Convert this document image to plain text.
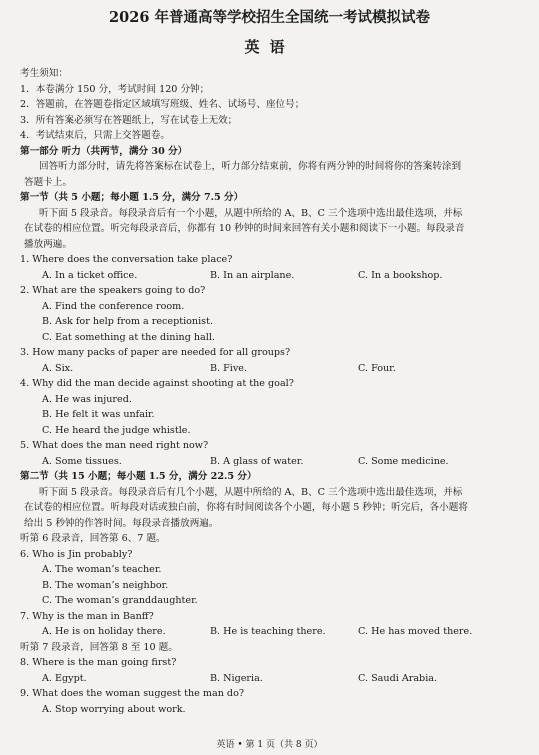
2026 年普通高等学校招生全国统一考试模拟试卷
英语
考生须知：
1．本卷满分 150 分，考试时间 120 分钟；
2．答题前，在答题卷指定区域填写班级、姓名、试场号、座位号；
3．所有答案必须写在答题纸上，写在试卷上无效；
4．考试结束后，只需上交答题卷。
第一部分 听力（共两节，满分 30 分）
回答听力部分时，请先将答案标在试卷上，听力部分结束前，你将有两分钟的时间将你的答案转涂到
答题卡上。
第一节（共 5 小题；每小题 1.5 分，满分 7.5 分）
听下面 5 段录音。每段录音后有一个小题，从题中所给的 A、B、C 三个选项中选出最佳选项，并标
在试卷的相应位置。听完每段录音后，你都有 10 秒钟的时间来回答有关小题和阅读下一小题。每段录音
播放两遍。
1. Where does the conversation take place?
A. In a ticket office.	B. In an airplane.	C. In a bookshop.
2. What are the speakers going to do?
A. Find the conference room.
B. Ask for help from a receptionist.
C. Eat something at the dining hall.
3. How many packs of paper are needed for all groups?
A. Six.	B. Five.	C. Four.
4. Why did the man decide against shooting at the goal?
A. He was injured.
B. He felt it was unfair.
C. He heard the judge whistle.
5. What does the man need right now?
A. Some tissues.	B. A glass of water.	C. Some medicine.
第二节（共 15 小题；每小题 1.5 分，满分 22.5 分）
听下面 5 段录音。每段录音后有几个小题，从题中所给的 A、B、C 三个选项中选出最佳选项，并标
在试卷的相应位置。听每段对话或独白前，你将有时间阅读各个小题，每小题 5 秒钟；听完后，各小题将
给出 5 秒钟的作答时间。每段录音播放两遍。
听第 6 段录音，回答第 6、7 题。
6. Who is Jin probably?
A. The woman’s teacher.
B. The woman’s neighbor.
C. The woman’s granddaughter.
7. Why is the man in Banff?
A. He is on holiday there.	B. He is teaching there.	C. He has moved there.
听第 7 段录音，回答第 8 至 10 题。
8. Where is the man going first?
A. Egypt.	B. Nigeria.	C. Saudi Arabia.
9. What does the woman suggest the man do?
A. Stop worrying about work.
英语 • 第 1 页（共 8 页）
